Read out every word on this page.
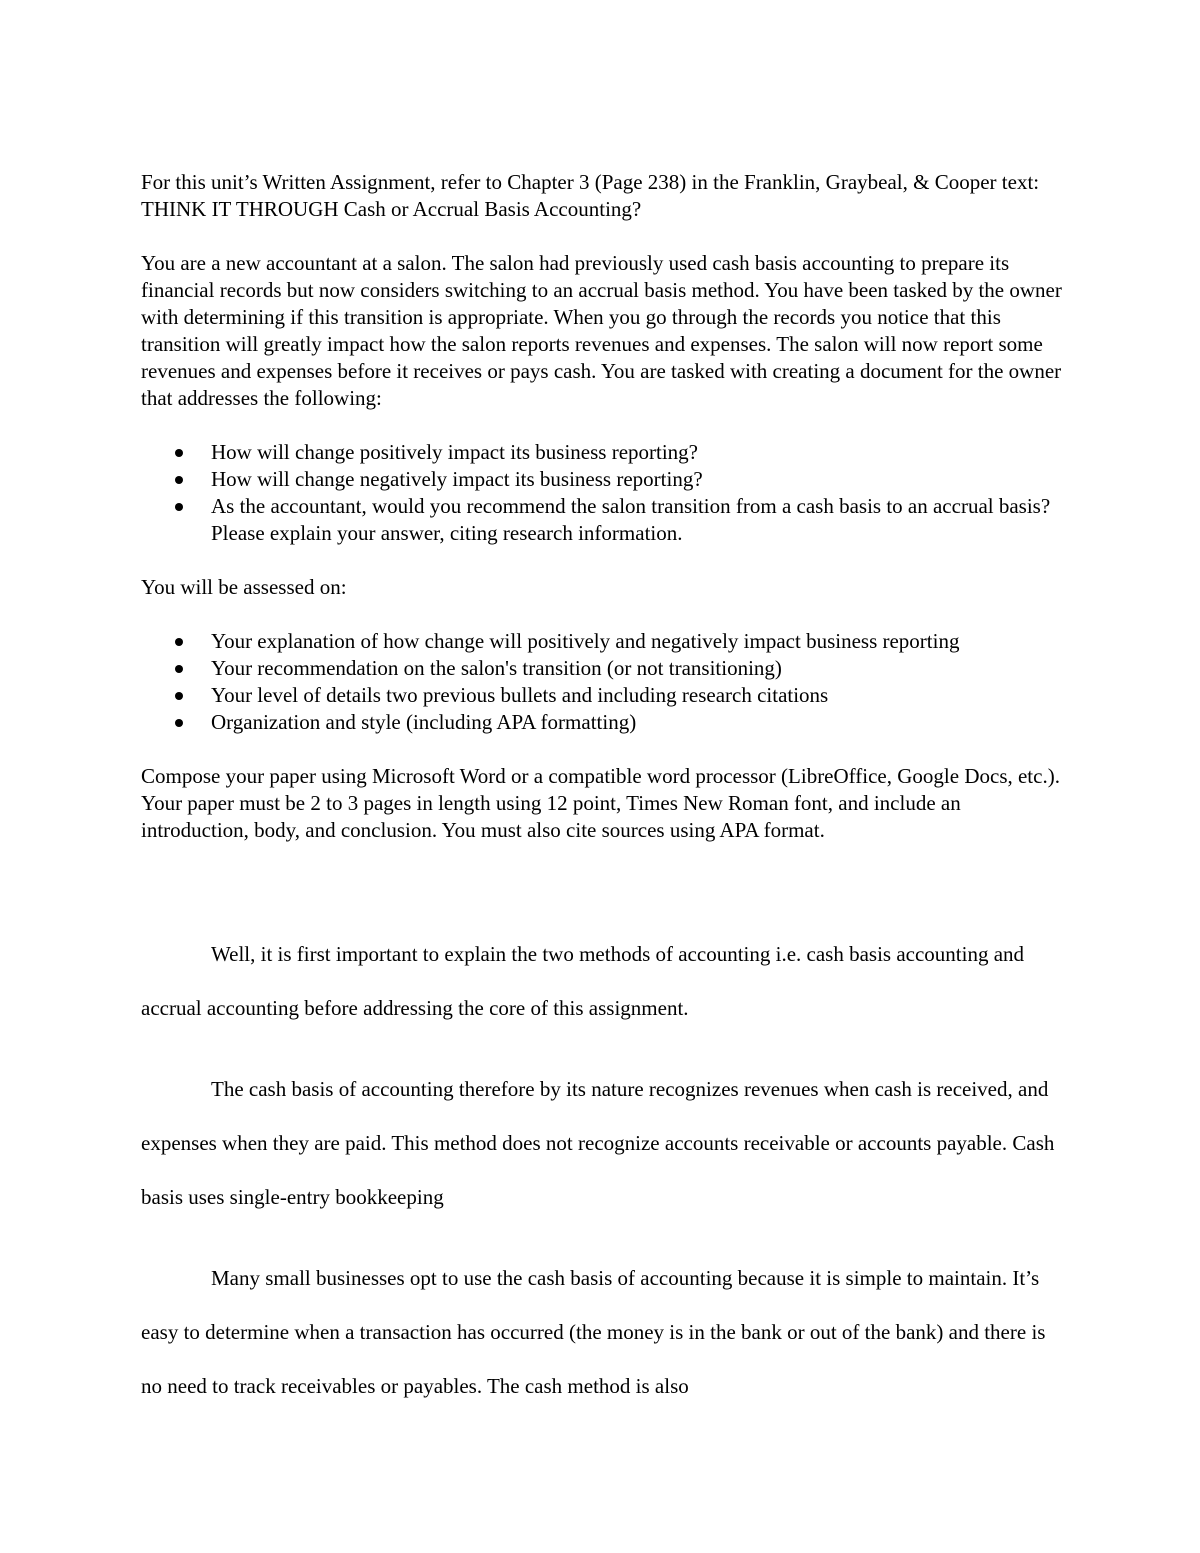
For this unit’s Written Assignment, refer to Chapter 3 (Page 238) in the Franklin, Graybeal, & Cooper text: THINK IT THROUGH Cash or Accrual Basis Accounting?

You are a new accountant at a salon. The salon had previously used cash basis accounting to prepare its financial records but now considers switching to an accrual basis method. You have been tasked by the owner with determining if this transition is appropriate. When you go through the records you notice that this transition will greatly impact how the salon reports revenues and expenses. The salon will now report some revenues and expenses before it receives or pays cash. You are tasked with creating a document for the owner that addresses the following:

How will change positively impact its business reporting?
How will change negatively impact its business reporting?
As the accountant, would you recommend the salon transition from a cash basis to an accrual basis? Please explain your answer, citing research information.

You will be assessed on:

Your explanation of how change will positively and negatively impact business reporting
Your recommendation on the salon's transition (or not transitioning)
Your level of details two previous bullets and including research citations
Organization and style (including APA formatting)

Compose your paper using Microsoft Word or a compatible word processor (LibreOffice, Google Docs, etc.). Your paper must be 2 to 3 pages in length using 12 point, Times New Roman font, and include an introduction, body, and conclusion. You must also cite sources using APA format.

Well, it is first important to explain the two methods of accounting i.e. cash basis accounting and accrual accounting before addressing the core of this assignment.

The cash basis of accounting therefore by its nature recognizes revenues when cash is received, and expenses when they are paid. This method does not recognize accounts receivable or accounts payable. Cash basis uses single-entry bookkeeping

Many small businesses opt to use the cash basis of accounting because it is simple to maintain. It’s easy to determine when a transaction has occurred (the money is in the bank or out of the bank) and there is no need to track receivables or payables. The cash method is also
